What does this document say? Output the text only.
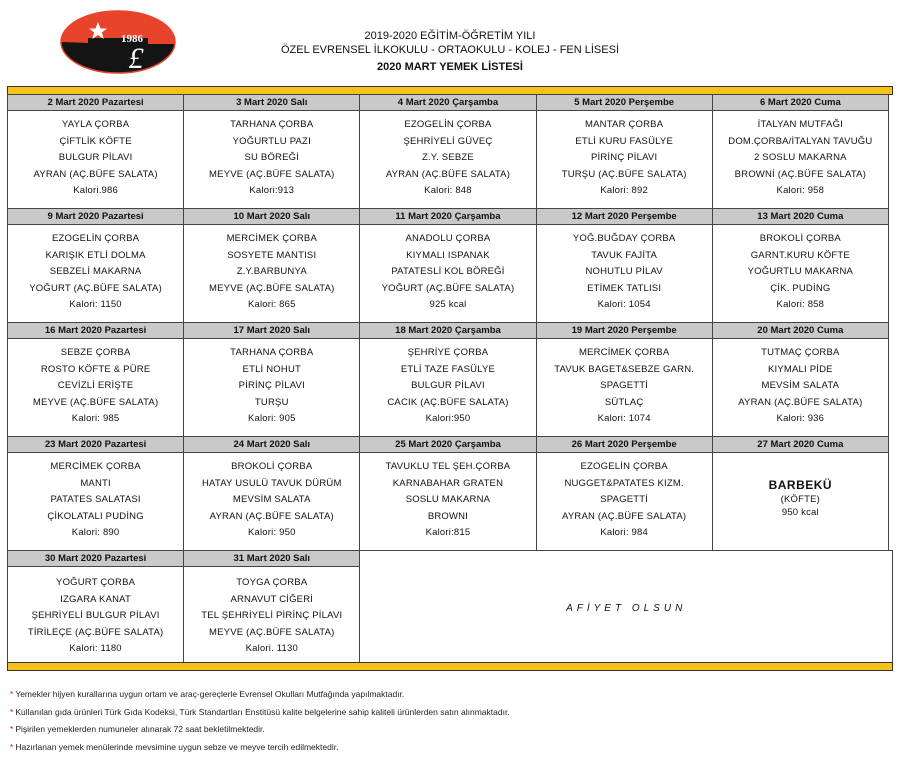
1986
£
2019-2020 EĞİTİM-ÖĞRETİM YILI
ÖZEL EVRENSEL İLKOKULU - ORTAOKULU - KOLEJ - FEN LİSESİ
2020 MART YEMEK LİSTESİ
2 Mart 2020 Pazartesi
YAYLA ÇORBA
ÇİFTLİK KÖFTE
BULGUR PİLAVI
AYRAN (AÇ.BÜFE SALATA)
Kalori.986
3 Mart 2020 Salı
TARHANA ÇORBA
YOĞURTLU PAZI
SU BÖREĞİ
MEYVE (AÇ.BÜFE SALATA)
Kalori:913
4 Mart 2020 Çarşamba
EZOGELİN ÇORBA
ŞEHRİYELİ GÜVEÇ
Z.Y. SEBZE
AYRAN (AÇ.BÜFE SALATA)
Kalori: 848
5 Mart 2020 Perşembe
MANTAR ÇORBA
ETLİ KURU FASÜLYE
PİRİNÇ PİLAVI
TURŞU (AÇ.BÜFE SALATA)
Kalori: 892
6 Mart 2020 Cuma
İTALYAN MUTFAĞI
DOM.ÇORBA/İTALYAN TAVUĞU
2 SOSLU MAKARNA
BROWNİ (AÇ.BÜFE SALATA)
Kalori: 958
9 Mart 2020 Pazartesi
EZOGELİN ÇORBA
KARIŞIK ETLİ DOLMA
SEBZELİ MAKARNA
YOĞURT (AÇ.BÜFE SALATA)
Kalori: 1150
10 Mart 2020 Salı
MERCİMEK ÇORBA
SOSYETE MANTISI
Z.Y.BARBUNYA
MEYVE (AÇ.BÜFE SALATA)
Kalori: 865
11 Mart 2020 Çarşamba
ANADOLU ÇORBA
KIYMALI ISPANAK
PATATESLİ KOL BÖREĞİ
YOĞURT (AÇ.BÜFE SALATA)
925 kcal
12 Mart 2020 Perşembe
YOĞ.BUĞDAY ÇORBA
TAVUK FAJİTA
NOHUTLU PİLAV
ETİMEK TATLISI
Kalori: 1054
13 Mart 2020 Cuma
BROKOLİ ÇORBA
GARNT.KURU KÖFTE
YOĞURTLU MAKARNA
ÇİK. PUDİNG
Kalori: 858
16 Mart 2020 Pazartesi
SEBZE ÇORBA
ROSTO KÖFTE & PÜRE
CEVİZLİ ERİŞTE
MEYVE (AÇ.BÜFE SALATA)
Kalori: 985
17 Mart 2020 Salı
TARHANA ÇORBA
ETLİ NOHUT
PİRİNÇ PİLAVI
TURŞU
Kalori: 905
18 Mart 2020 Çarşamba
ŞEHRİYE ÇORBA
ETLİ TAZE FASÜLYE
BULGUR PİLAVI
CACIK (AÇ.BÜFE SALATA)
Kalori:950
19 Mart 2020 Perşembe
MERCİMEK ÇORBA
TAVUK BAGET&SEBZE GARN.
SPAGETTİ
SÜTLAÇ
Kalori: 1074
20 Mart 2020 Cuma
TUTMAÇ ÇORBA
KIYMALI PİDE
MEVSİM SALATA
AYRAN (AÇ.BÜFE SALATA)
Kalori: 936
23 Mart 2020 Pazartesi
MERCİMEK ÇORBA
MANTI
PATATES SALATASI
ÇİKOLATALI PUDİNG
Kalori: 890
24 Mart 2020 Salı
BROKOLİ ÇORBA
HATAY USULÜ TAVUK DÜRÜM
MEVSİM SALATA
AYRAN (AÇ.BÜFE SALATA)
Kalori: 950
25 Mart 2020 Çarşamba
TAVUKLU TEL ŞEH.ÇORBA
KARNABAHAR GRATEN
SOSLU MAKARNA
BROWNI
Kalori:815
26 Mart 2020 Perşembe
EZOGELİN ÇORBA
NUGGET&PATATES KIZM.
SPAGETTİ
AYRAN (AÇ.BÜFE SALATA)
Kalori: 984
27 Mart 2020 Cuma
BARBEKÜ
(KÖFTE)
950 kcal
30 Mart 2020 Pazartesi
YOĞURT ÇORBA
IZGARA KANAT
ŞEHRİYELİ BULGUR PİLAVI
TİRİLEÇE (AÇ.BÜFE SALATA)
Kalori: 1180
31 Mart 2020 Salı
TOYGA ÇORBA
ARNAVUT CİĞERİ
TEL ŞEHRİYELİ PİRİNÇ PİLAVI
MEYVE (AÇ.BÜFE SALATA)
Kalori. 1130
AFİYET OLSUN
* Yemekler hijyen kurallarına uygun ortam ve araç-gereçlerle Evrensel Okulları Mutfağında yapılmaktadır.
* Kullanılan gıda ürünleri Türk Gıda Kodeksi, Türk Standartları Enstitüsü kalite belgelerine sahip kaliteli ürünlerden satın alınmaktadır.
* Pişirilen yemeklerden numuneler alınarak 72 saat bekletilmektedir.
* Hazırlanan yemek menülerinde mevsimine uygun sebze ve meyve tercih edilmektedir.
